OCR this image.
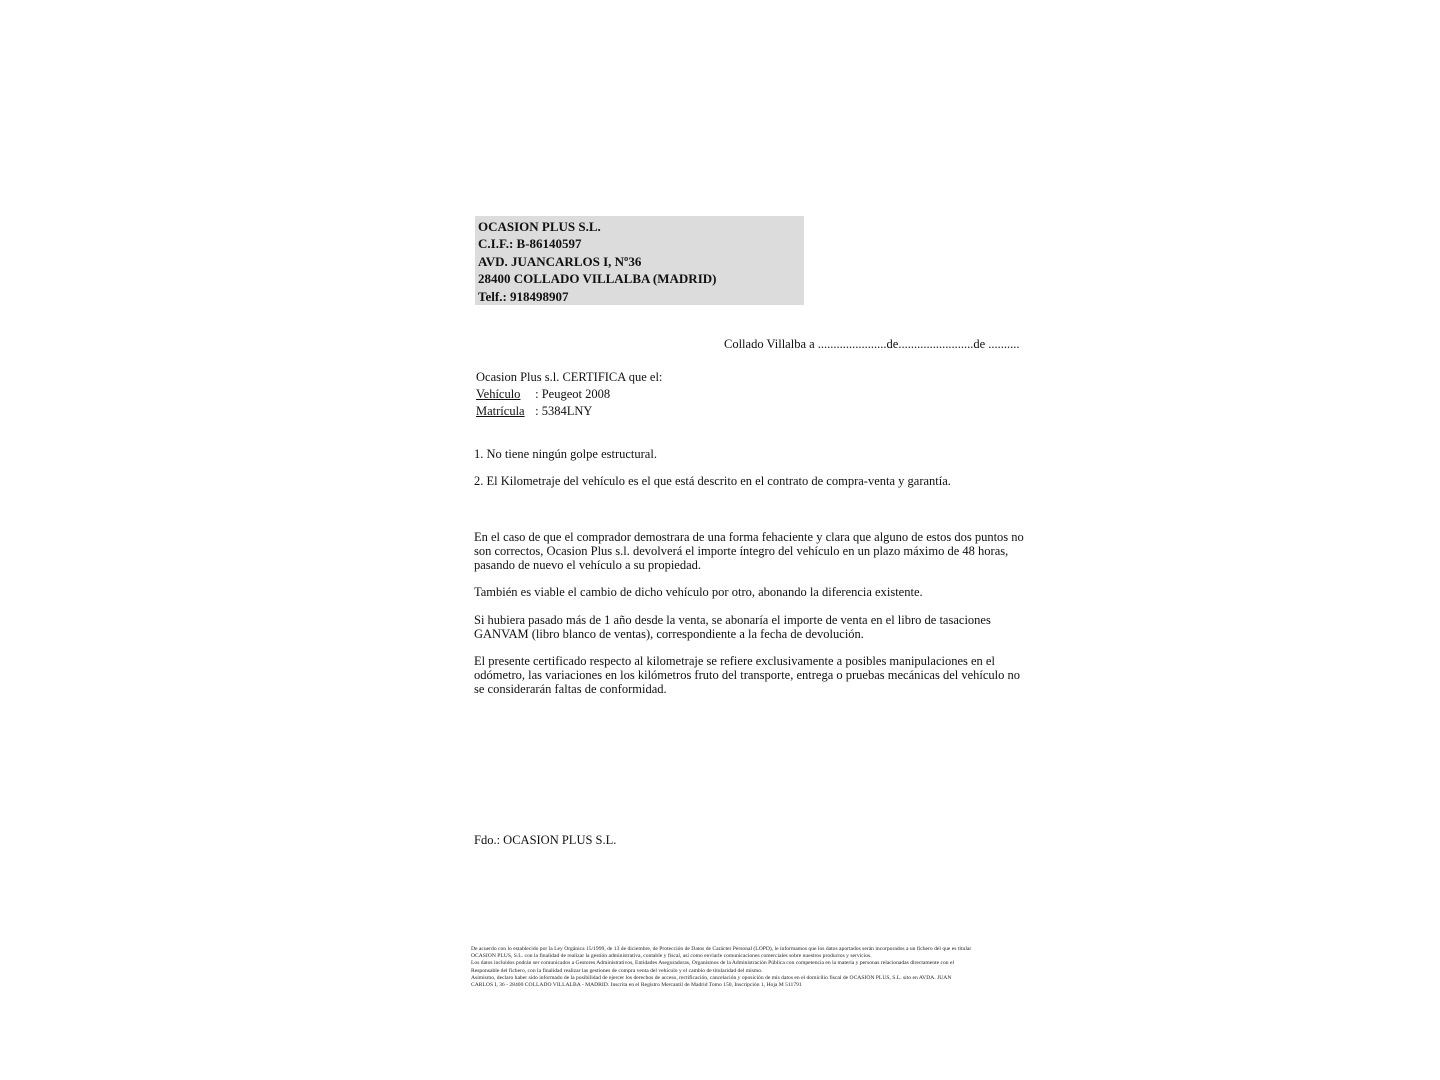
OCASION PLUS S.L.
C.I.F.: B-86140597
AVD. JUANCARLOS I, Nº36
28400 COLLADO VILLALBA (MADRID)
Telf.: 918498907
Collado Villalba a ......................de........................de ..........
Ocasion Plus s.l. CERTIFICA que el:
Vehículo : Peugeot 2008
Matrícula : 5384LNY
1. No tiene ningún golpe estructural.
2. El Kilometraje del vehículo es el que está descrito en el contrato de compra-venta y garantía.
En el caso de que el comprador demostrara de una forma fehaciente y clara que alguno de estos dos puntos no son correctos, Ocasion Plus s.l. devolverá el importe íntegro del vehículo en un plazo máximo de 48 horas, pasando de nuevo el vehículo a su propiedad.
También es viable el cambio de dicho vehículo por otro, abonando la diferencia existente.
Si hubiera pasado más de 1 año desde la venta, se abonaría el importe de venta en el libro de tasaciones GANVAM (libro blanco de ventas), correspondiente a la fecha de devolución.
El presente certificado respecto al kilometraje se refiere exclusivamente a posibles manipulaciones en el odómetro, las variaciones en los kilómetros fruto del transporte, entrega o pruebas mecánicas del vehículo no se considerarán faltas de conformidad.
Fdo.: OCASION PLUS S.L.
De acuerdo con lo establecido por la Ley Orgánica 15/1999, de 13 de diciembre, de Protección de Datos de Carácter Personal (LOPD), le informamos que los datos aportados serán incorporados a un fichero del que es titular
OCASION PLUS, S.L. con la finalidad de realizar la gestión administrativa, contable y fiscal, así como enviarle comunicaciones comerciales sobre nuestros productos y servicios.
Los datos incluidos podrán ser comunicados a Gestores Administrativos, Entidades Aseguradoras, Organismos de la Administración Pública con competencia en la materia y personas relacionadas directamente con el
Responsable del fichero, con la finalidad realizar las gestiones de compra venta del vehículo y el cambio de titularidad del mismo.
Asimismo, declaro haber sido informado de la posibilidad de ejercer los derechos de acceso, rectificación, cancelación y oposición de mis datos en el domicilio fiscal de OCASIÓN PLUS, S.L. sito en AVDA. JUAN
CARLOS I, 36 - 28400 COLLADO VILLALBA - MADRID. Inscrita en el Registro Mercantil de Madrid Tomo 150, Inscripción 1, Hoja M 511791
